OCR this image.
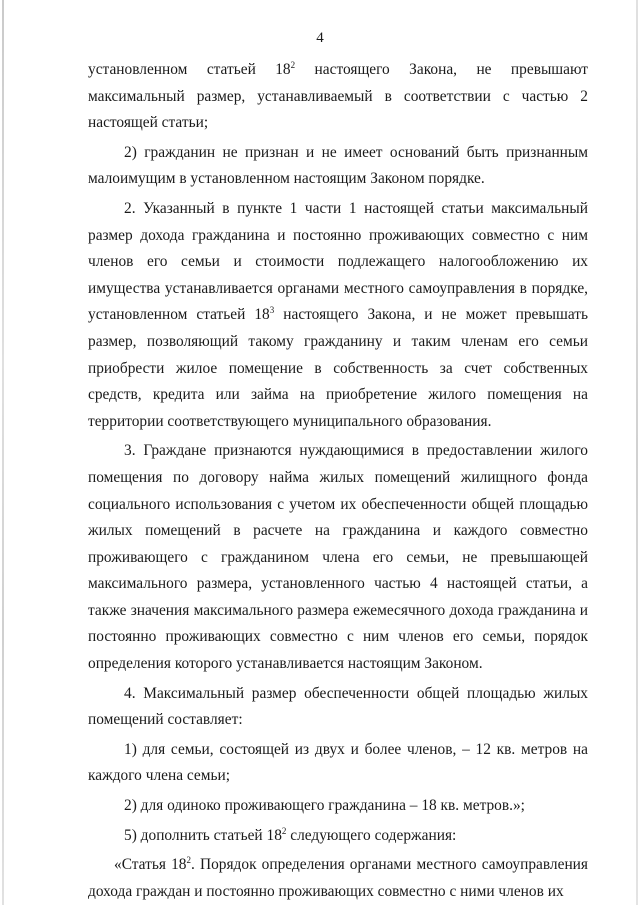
4

установленном статьей $18^2$ настоящего Закона, не превышают максимальный размер, устанавливаемый в соответствии с частью 2 настоящей статьи;

2) гражданин не признан и не имеет оснований быть признанным малоимущим в установленном настоящим Законом порядке.

2. Указанный в пункте 1 части 1 настоящей статьи максимальный размер дохода гражданина и постоянно проживающих совместно с ним членов его семьи и стоимости подлежащего налогообложению их имущества устанавливается органами местного самоуправления в порядке, установленном статьей $18^3$ настоящего Закона, и не может превышать размер, позволяющий такому гражданину и таким членам его семьи приобрести жилое помещение в собственность за счет собственных средств, кредита или займа на приобретение жилого помещения на территории соответствующего муниципального образования.

3. Граждане признаются нуждающимися в предоставлении жилого помещения по договору найма жилых помещений жилищного фонда социального использования с учетом их обеспеченности общей площадью жилых помещений в расчете на гражданина и каждого совместно проживающего с гражданином члена его семьи, не превышающей максимального размера, установленного частью 4 настоящей статьи, а также значения максимального размера ежемесячного дохода гражданина и постоянно проживающих совместно с ним членов его семьи, порядок определения которого устанавливается настоящим Законом.

4. Максимальный размер обеспеченности общей площадью жилых помещений составляет:

1) для семьи, состоящей из двух и более членов, – 12 кв. метров на каждого члена семьи;

2) для одиноко проживающего гражданина – 18 кв. метров.»;

5) дополнить статьей $18^2$ следующего содержания:

«Статья $18^2$. Порядок определения органами местного самоуправления дохода граждан и постоянно проживающих совместно с ними членов их
